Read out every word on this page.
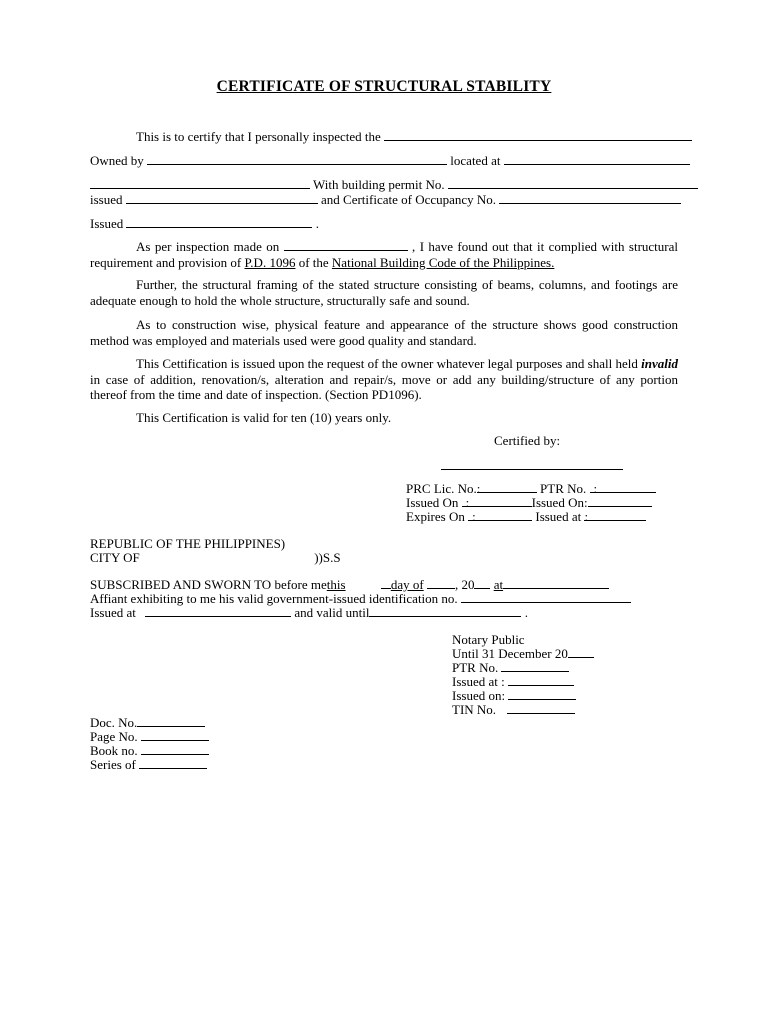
CERTIFICATE OF STRUCTURAL STABILITY
This is to certify that I personally inspected the
Owned by	located at
With building permit No.
issued	and Certificate of Occupancy No.
Issued	.

As per inspection made on	, I have found out that it complied with structural requirement and provision of P.D. 1096 of the National Building Code of the Philippines.

Further, the structural framing of the stated structure consisting of beams, columns, and footings are adequate enough to hold the whole structure, structurally safe and sound.

As to construction wise, physical feature and appearance of the structure shows good construction method was employed and materials used were good quality and standard.

This Cettification is issued upon the request of the owner whatever legal purposes and shall held invalid in case of addition, renovation/s, alteration and repair/s, move or add any building/structure of any portion thereof from the time and date of inspection. (Section PD1096).

This Certification is valid for ten (10) years only.
Certified by:
PRC Lic. No.:	PTR No. :
Issued On :	Issued On:
Expires On :	Issued at :
REPUBLIC OF THE PHILIPPINES)
CITY OF	))S.S
SUBSCRIBED AND SWORN TO before methis	day of , 20 at
Affiant exhibiting to me his valid government-issued identification no.
Issued at	and valid until	.
Notary Public
Until 31 December 20
PTR No.
Issued at :
Issued on:
TIN No.
Doc. No.
Page No.
Book no.
Series of
